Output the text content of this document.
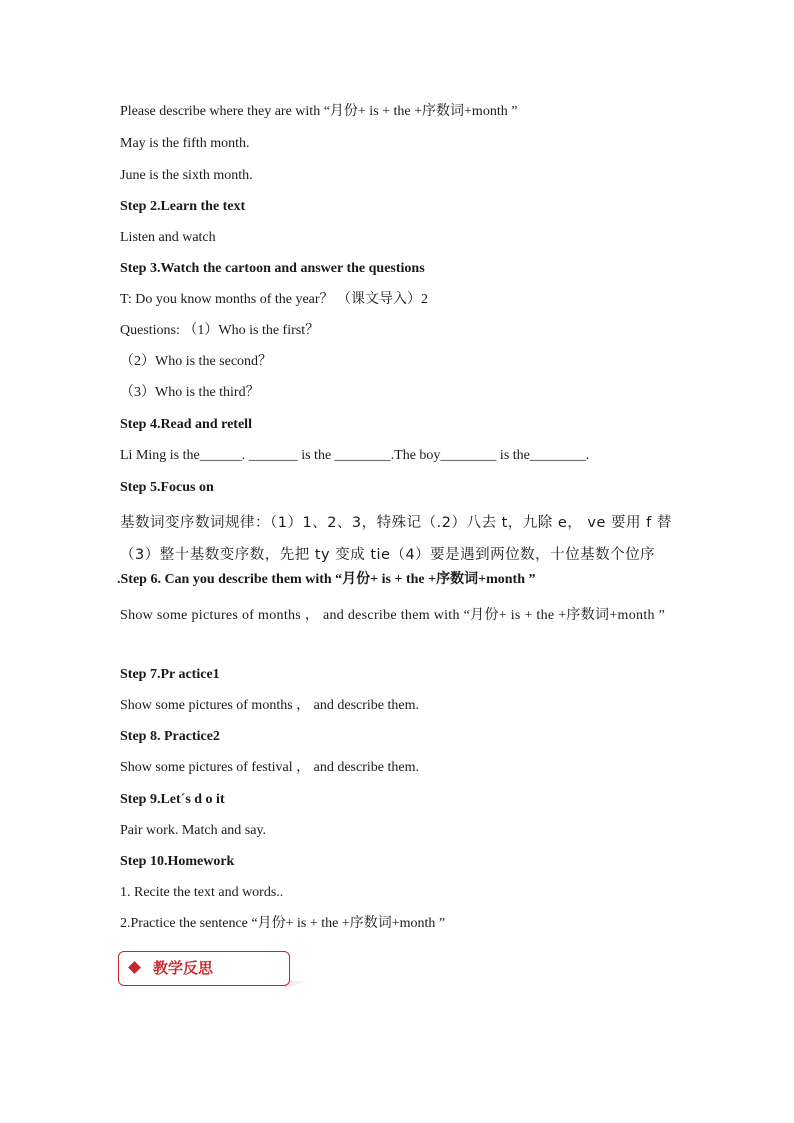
Please describe where they are with “月份+ is + the +序数词+month ”
May is the fifth month.
June is the sixth month.
Step 2.Learn the text
Listen and watch
Step 3.Watch the cartoon and answer the questions
T: Do you know months of the year？ （课文导入）2
Questions: （1）Who is the first？
（2）Who is the second？
（3）Who is the third？
Step 4.Read and retell
Li Ming is the______. _______ is the ________.The boy________ is the________.
Step 5.Focus on
基数词变序数词规律：（1）1、2、3，特殊记（.2）八去 t，九除 e， ve 要用 f 替（3）整十基数变序数，先把 ty 变成 tie（4）要是遇到两位数，十位基数个位序
.Step 6. Can you describe them with “月份+ is + the +序数词+month ”
Show some pictures of months ， and describe them with “月份+ is + the +序数词+month ”
Step 7.Pr actice1
Show some pictures of months ， and describe them.
Step 8. Practice2
Show some pictures of festival ， and describe them.
Step 9.Let´s d o it
Pair work. Match and say.
Step 10.Homework
1. Recite the text and words..
2.Practice the sentence “月份+ is + the +序数词+month ”
教学反思
